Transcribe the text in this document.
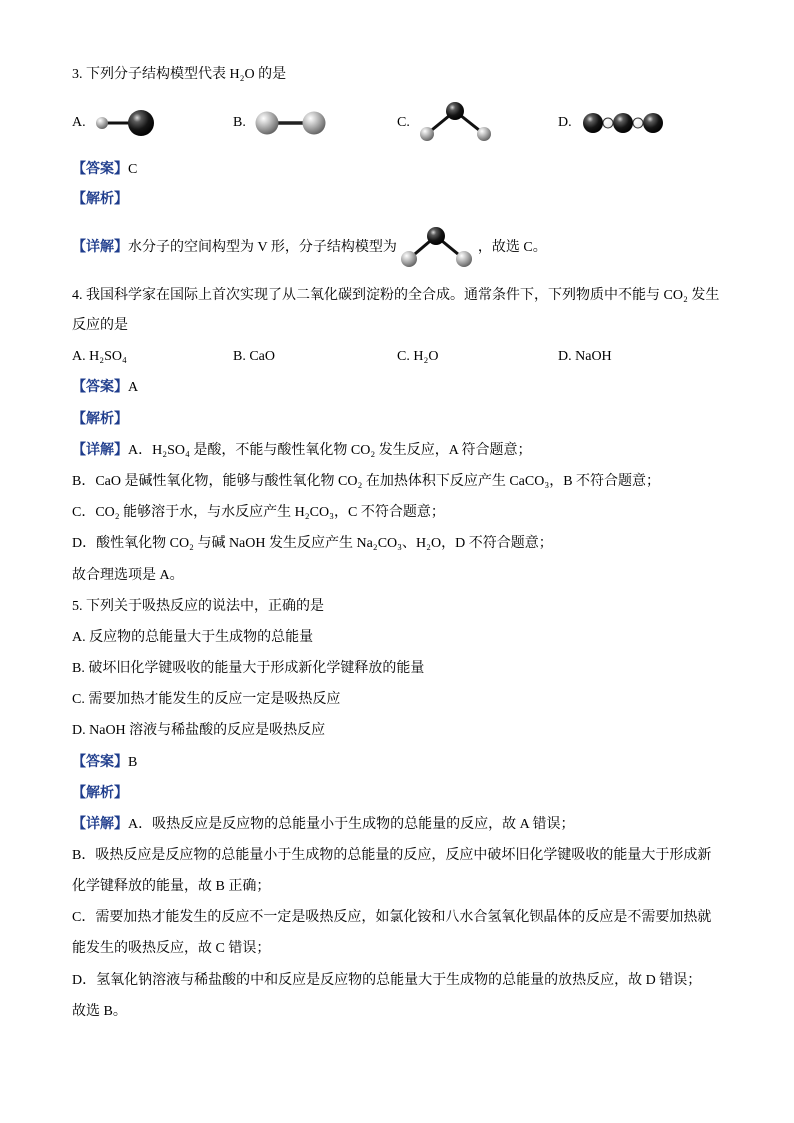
3. 下列分子结构模型代表 H₂O 的是
A.	B.	C.	D.
【答案】C
【解析】
【详解】 水分子的空间构型为 V 形，分子结构模型为	，故选 C。
4. 我国科学家在国际上首次实现了从二氧化碳到淀粉的全合成。通常条件下，下列物质中不能与 CO₂ 发生
反应的是
A. H₂SO₄	B. CaO	C. H₂O	D. NaOH
【答案】A
【解析】
【详解】A．H₂SO₄ 是酸，不能与酸性氧化物 CO₂ 发生反应，A 符合题意；
B．CaO 是碱性氧化物，能够与酸性氧化物 CO₂ 在加热体积下反应产生 CaCO₃，B 不符合题意；
C．CO₂ 能够溶于水，与水反应产生 H₂CO₃，C 不符合题意；
D．酸性氧化物 CO₂ 与碱 NaOH 发生反应产生 Na₂CO₃、H₂O，D 不符合题意；
故合理选项是 A。
5. 下列关于吸热反应的说法中，正确的是
A. 反应物的总能量大于生成物的总能量
B. 破坏旧化学键吸收的能量大于形成新化学键释放的能量
C. 需要加热才能发生的反应一定是吸热反应
D. NaOH 溶液与稀盐酸的反应是吸热反应
【答案】B
【解析】
【详解】A．吸热反应是反应物的总能量小于生成物的总能量的反应，故 A 错误；
B．吸热反应是反应物的总能量小于生成物的总能量的反应，反应中破坏旧化学键吸收的能量大于形成新
化学键释放的能量，故 B 正确；
C．需要加热才能发生的反应不一定是吸热反应，如氯化铵和八水合氢氧化钡晶体的反应是不需要加热就
能发生的吸热反应，故 C 错误；
D．氢氧化钠溶液与稀盐酸的中和反应是反应物的总能量大于生成物的总能量的放热反应，故 D 错误；
故选 B。
